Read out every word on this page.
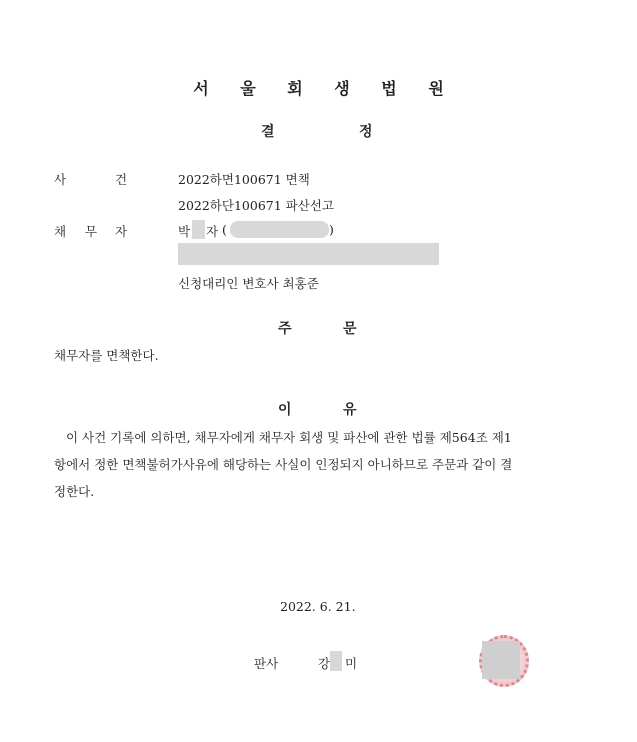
서 울 회 생 법 원
결	정
사	건	2022하면100671 면책
2022하단100671 파산선고
채 무 자	박 자 (	)
신청대리인 변호사 최홍준
주	문
채무자를 면책한다.
이	유
이 사건 기록에 의하면, 채무자에게 채무자 회생 및 파산에 관한 법률 제564조 제1
항에서 정한 면책불허가사유에 해당하는 사실이 인정되지 아니하므로 주문과 같이 결
정한다.
2022. 6. 21.
판사	강 미
